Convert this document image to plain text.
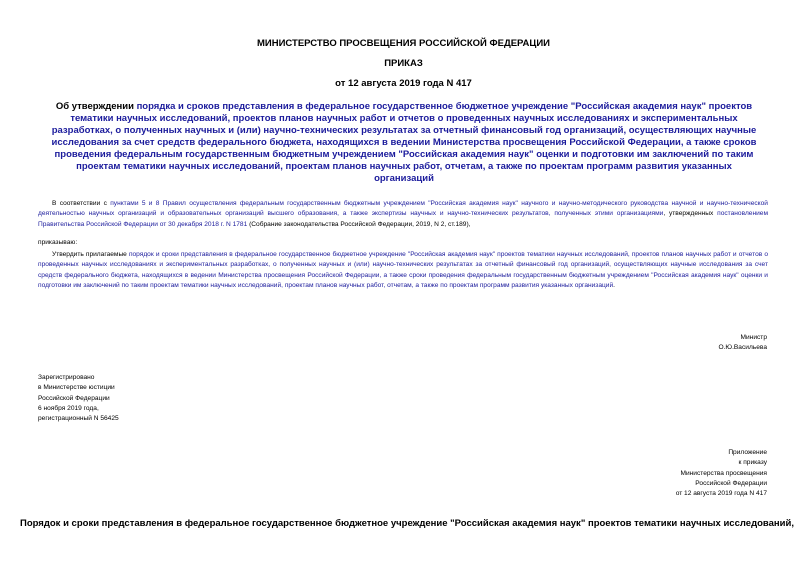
МИНИСТЕРСТВО ПРОСВЕЩЕНИЯ РОССИЙСКОЙ ФЕДЕРАЦИИ
ПРИКАЗ
от 12 августа 2019 года N 417
Об утверждении порядка и сроков представления в федеральное государственное бюджетное учреждение "Российская академия наук" проектов тематики научных исследований, проектов планов научных работ и отчетов о проведенных научных исследованиях и экспериментальных разработках, о полученных научных и (или) научно-технических результатах за отчетный финансовый год организаций, осуществляющих научные исследования за счет средств федерального бюджета, находящихся в ведении Министерства просвещения Российской Федерации, а также сроков проведения федеральным государственным бюджетным учреждением "Российская академия наук" оценки и подготовки им заключений по таким проектам тематики научных исследований, проектам планов научных работ, отчетам, а также по проектам программ развития указанных организаций
В соответствии с пунктами 5 и 8 Правил осуществления федеральным государственным бюджетным учреждением "Российская академия наук" научного и научно-методического руководства научной и научно-технической деятельностью научных организаций и образовательных организаций высшего образования, а также экспертизы научных и научно-технических результатов, полученных этими организациями, утвержденных постановлением Правительства Российской Федерации от 30 декабря 2018 г. N 1781 (Собрание законодательства Российской Федерации, 2019, N 2, ст.189),
приказываю:
Утвердить прилагаемые порядок и сроки представления в федеральное государственное бюджетное учреждение "Российская академия наук" проектов тематики научных исследований, проектов планов научных работ и отчетов о проведенных научных исследованиях и экспериментальных разработках, о полученных научных и (или) научно-технических результатах за отчетный финансовый год организаций, осуществляющих научные исследования за счет средств федерального бюджета, находящихся в ведении Министерства просвещения Российской Федерации, а также сроки проведения федеральным государственным бюджетным учреждением "Российская академия наук" оценки и подготовки им заключений по таким проектам тематики научных исследований, проектам планов научных работ, отчетам, а также по проектам программ развития указанных организаций.
Министр
О.Ю.Васильева
Зарегистрировано
в Министерстве юстиции
Российской Федерации
6 ноября 2019 года,
регистрационный N 56425
Приложение
к приказу
Министерства просвещения
Российской Федерации
от 12 августа 2019 года N 417
Порядок и сроки представления в федеральное государственное бюджетное учреждение "Российская академия наук" проектов тематики научных исследований,
